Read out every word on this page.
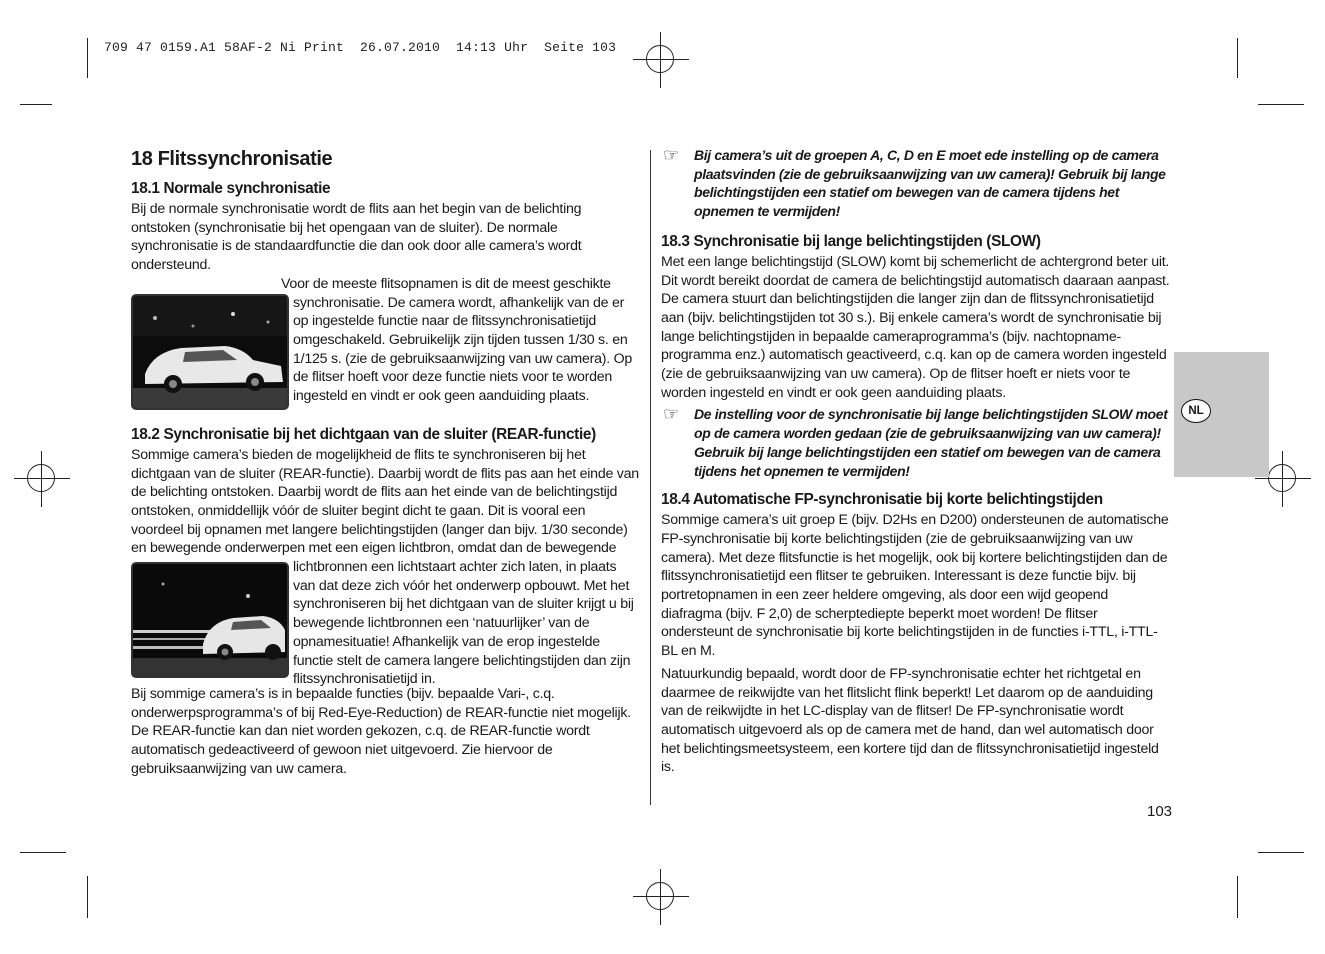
709 47 0159.A1 58AF-2 Ni Print  26.07.2010  14:13 Uhr  Seite 103
18 Flitssynchronisatie
18.1 Normale synchronisatie

Bij de normale synchronisatie wordt de flits aan het begin van de belichting ontstoken (synchronisatie bij het opengaan van de sluiter). De normale synchronisatie is de standaardfunctie die dan ook door alle camera’s wordt ondersteund.

Voor de meeste flitsopnamen is dit de meest geschikte

synchronisatie. De camera wordt, afhankelijk van de er op ingestelde functie naar de flitssynchronisatietijd omgeschakeld. Gebruikelijk zijn tijden tussen 1/30 s. en 1/125 s. (zie de gebruiksaanwijzing van uw camera). Op de flitser hoeft voor deze functie niets voor te worden ingesteld en vindt er ook geen aanduiding plaats.

18.2 Synchronisatie bij het dichtgaan van de sluiter (REAR-functie)

Sommige camera’s bieden de mogelijkheid de flits te synchroniseren bij het dichtgaan van de sluiter (REAR-functie). Daarbij wordt de flits pas aan het einde van de belichting ontstoken. Daarbij wordt de flits aan het einde van de belichtingstijd ontstoken, onmiddellijk vóór de sluiter begint dicht te gaan. Dit is vooral een voordeel bij opnamen met langere belichtingstijden (langer dan bijv. 1/30 seconde) en bewegende onderwerpen met een eigen lichtbron, omdat dan de bewegende

lichtbronnen een lichtstaart achter zich laten, in plaats van dat deze zich vóór het onderwerp opbouwt. Met het synchroniseren bij het dichtgaan van de sluiter krijgt u bij bewegende lichtbronnen een ‘natuurlijker’ van de opnamesituatie! Afhankelijk van de erop ingestelde functie stelt de camera langere belichtingstijden dan zijn flitssynchronisatietijd in.

Bij sommige camera’s is in bepaalde functies (bijv. bepaalde Vari-, c.q. onderwerpsprogramma’s of bij Red-Eye-Reduction) de REAR-functie niet mogelijk. De REAR-functie kan dan niet worden gekozen, c.q. de REAR-functie wordt automatisch gedeactiveerd of gewoon niet uitgevoerd. Zie hiervoor de gebruiksaanwijzing van uw camera.

☞ Bij camera’s uit de groepen A, C, D en E moet ede instelling op de camera plaatsvinden (zie de gebruiksaanwijzing van uw camera)! Gebruik bij lange belichtingstijden een statief om bewegen van de camera tijdens het opnemen te vermijden!
18.3 Synchronisatie bij lange belichtingstijden (SLOW)

Met een lange belichtingstijd (SLOW) komt bij schemerlicht de achtergrond beter uit. Dit wordt bereikt doordat de camera de belichtingstijd automatisch daaraan aanpast. De camera stuurt dan belichtingstijden die langer zijn dan de flitssynchronisatietijd aan (bijv. belichtingstijden tot 30 s.). Bij enkele camera’s wordt de synchronisatie bij lange belichtingstijden in bepaalde cameraprogramma’s (bijv. nachtopname-programma enz.) automatisch geactiveerd, c.q. kan op de camera worden ingesteld (zie de gebruiksaanwijzing van uw camera). Op de flitser hoeft er niets voor te worden ingesteld en vindt er ook geen aanduiding plaats.

☞ De instelling voor de synchronisatie bij lange belichtingstijden SLOW moet op de camera worden gedaan (zie de gebruiksaanwijzing van uw camera)! Gebruik bij lange belichtingstijden een statief om bewegen van de camera tijdens het opnemen te vermijden!
18.4 Automatische FP-synchronisatie bij korte belichtingstijden

Sommige camera’s uit groep E (bijv. D2Hs en D200) ondersteunen de automatische FP-synchronisatie bij korte belichtingstijden (zie de gebruiksaanwijzing van uw camera). Met deze flitsfunctie is het mogelijk, ook bij kortere belichtingstijden dan de flitssynchronisatietijd een flitser te gebruiken. Interessant is deze functie bijv. bij portretopnamen in een zeer heldere omgeving, als door een wijd geopend diafragma (bijv. F 2,0) de scherptediepte beperkt moet worden! De flitser ondersteunt de synchronisatie bij korte belichtingstijden in de functies i-TTL, i-TTL-BL en M.

Natuurkundig bepaald, wordt door de FP-synchronisatie echter het richtgetal en daarmee de reikwijdte van het flitslicht flink beperkt! Let daarom op de aanduiding van de reikwijdte in het LC-display van de flitser! De FP-synchronisatie wordt automatisch uitgevoerd als op de camera met de hand, dan wel automatisch door het belichtingsmeetsysteem, een kortere tijd dan de flitssynchronisatietijd ingesteld is.

NL
103
